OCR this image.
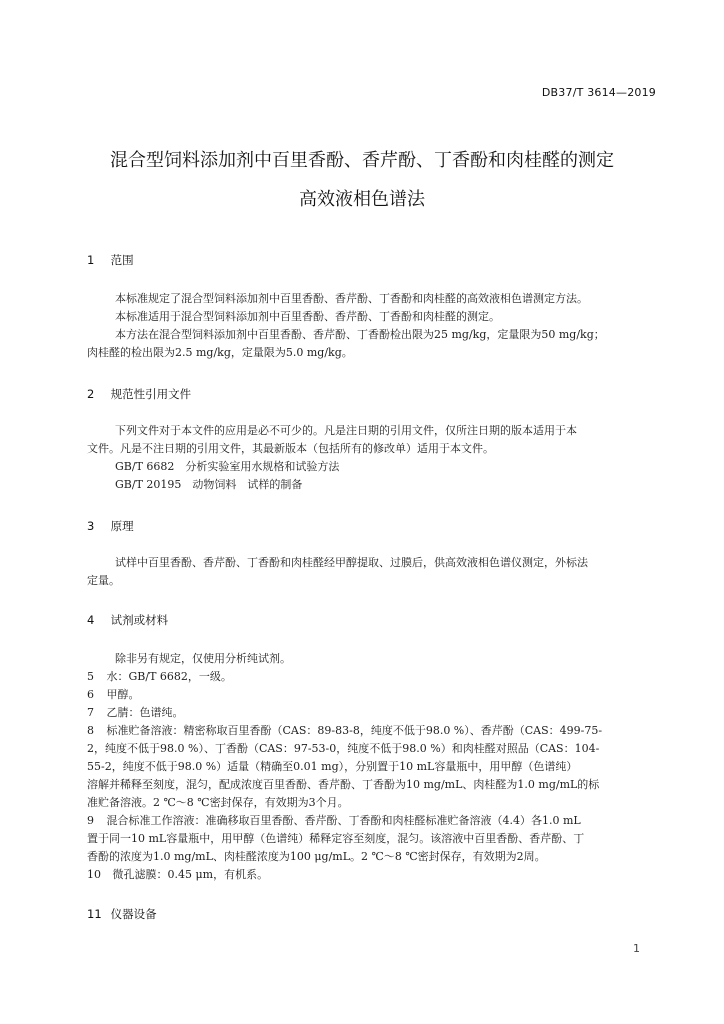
DB37/T 3614—2019
混合型饲料添加剂中百里香酚、香芹酚、丁香酚和肉桂醛的测定
高效液相色谱法
1 范围
本标准规定了混合型饲料添加剂中百里香酚、香芹酚、丁香酚和肉桂醛的高效液相色谱测定方法。
本标准适用于混合型饲料添加剂中百里香酚、香芹酚、丁香酚和肉桂醛的测定。
本方法在混合型饲料添加剂中百里香酚、香芹酚、丁香酚检出限为25 mg/kg，定量限为50 mg/kg；
肉桂醛的检出限为2.5 mg/kg，定量限为5.0 mg/kg。
2 规范性引用文件
下列文件对于本文件的应用是必不可少的。凡是注日期的引用文件，仅所注日期的版本适用于本
文件。凡是不注日期的引用文件，其最新版本（包括所有的修改单）适用于本文件。
GB/T 6682　分析实验室用水规格和试验方法
GB/T 20195　动物饲料　试样的制备
3 原理
试样中百里香酚、香芹酚、丁香酚和肉桂醛经甲醇提取、过膜后，供高效液相色谱仪测定，外标法
定量。
4 试剂或材料
除非另有规定，仅使用分析纯试剂。
5 水：GB/T 6682，一级。
6 甲醇。
7 乙腈：色谱纯。
8 标准贮备溶液：精密称取百里香酚（CAS：89-83-8，纯度不低于98.0 %）、香芹酚（CAS：499-75-
2，纯度不低于98.0 %）、丁香酚（CAS：97-53-0，纯度不低于98.0 %）和肉桂醛对照品（CAS：104-
55-2，纯度不低于98.0 %）适量（精确至0.01 mg），分别置于10 mL容量瓶中，用甲醇（色谱纯）
溶解并稀释至刻度，混匀，配成浓度百里香酚、香芹酚、丁香酚为10 mg/mL、肉桂醛为1.0 mg/mL的标
准贮备溶液。2 ℃～8 ℃密封保存，有效期为3个月。
9 混合标准工作溶液：准确移取百里香酚、香芹酚、丁香酚和肉桂醛标准贮备溶液（4.4）各1.0 mL
置于同一10 mL容量瓶中，用甲醇（色谱纯）稀释定容至刻度，混匀。该溶液中百里香酚、香芹酚、丁
香酚的浓度为1.0 mg/mL、肉桂醛浓度为100 μg/mL。2 ℃～8 ℃密封保存，有效期为2周。
10 微孔滤膜：0.45 μm，有机系。
11 仪器设备
1
